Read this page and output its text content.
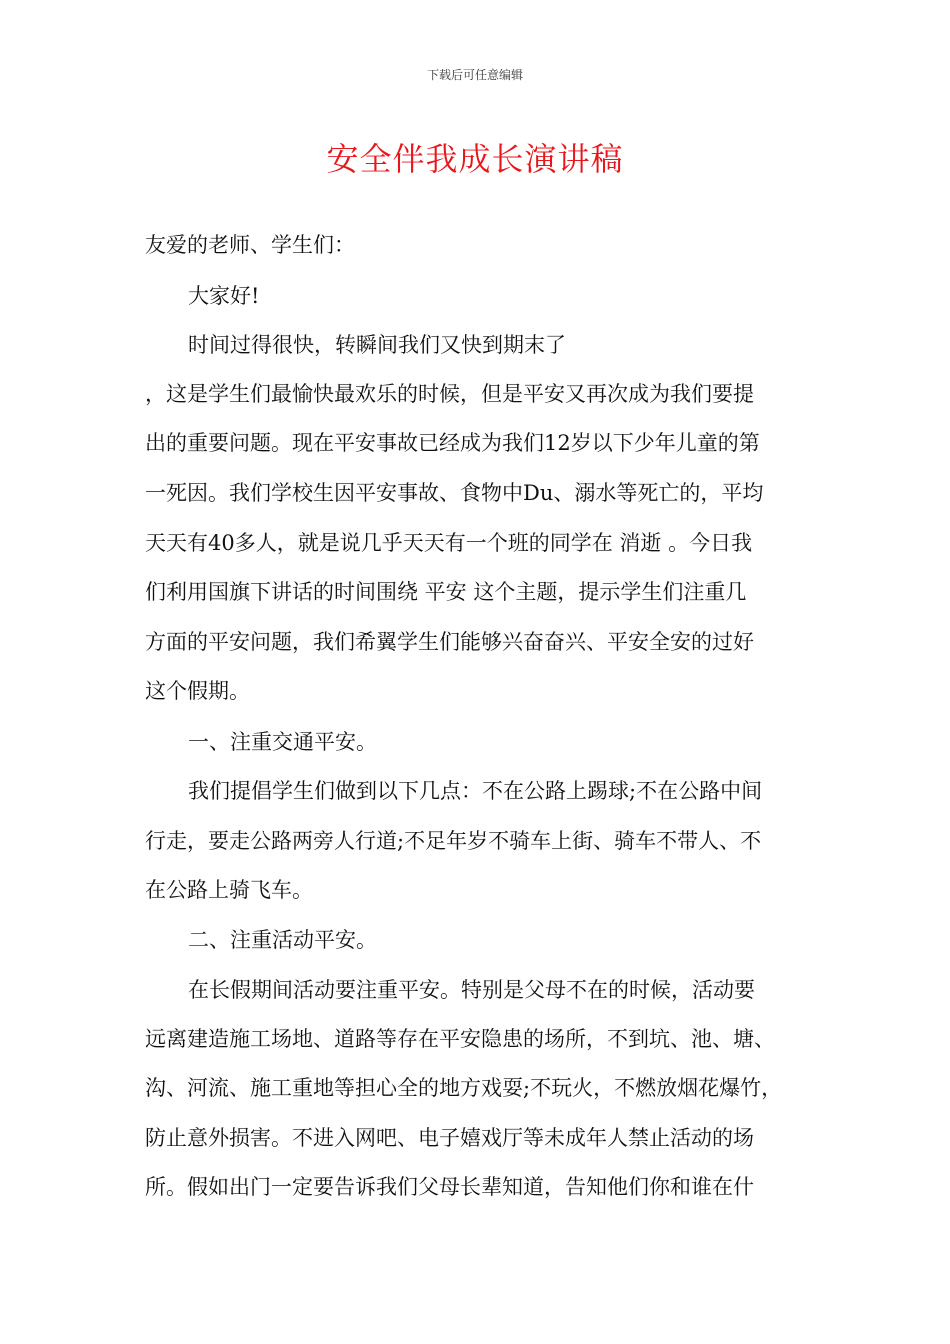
下载后可任意编辑
安全伴我成长演讲稿
友爱的老师、学生们：
大家好!
时间过得很快，转瞬间我们又快到期末了
，这是学生们最愉快最欢乐的时候，但是平安又再次成为我们要提
出的重要问题。现在平安事故已经成为我们12岁以下少年儿童的第
一死因。我们学校生因平安事故、食物中Du、溺水等死亡的，平均
天天有40多人，就是说几乎天天有一个班的同学在 消逝 。今日我
们利用国旗下讲话的时间围绕 平安 这个主题，提示学生们注重几
方面的平安问题，我们希翼学生们能够兴奋奋兴、平安全安的过好
这个假期。
一、注重交通平安。
我们提倡学生们做到以下几点：不在公路上踢球;不在公路中间
行走，要走公路两旁人行道;不足年岁不骑车上街、骑车不带人、不
在公路上骑飞车。
二、注重活动平安。
在长假期间活动要注重平安。特别是父母不在的时候，活动要
远离建造施工场地、道路等存在平安隐患的场所，不到坑、池、塘、
沟、河流、施工重地等担心全的地方戏耍;不玩火，不燃放烟花爆竹，
防止意外损害。不进入网吧、电子嬉戏厅等未成年人禁止活动的场
所。假如出门一定要告诉我们父母长辈知道，告知他们你和谁在什
